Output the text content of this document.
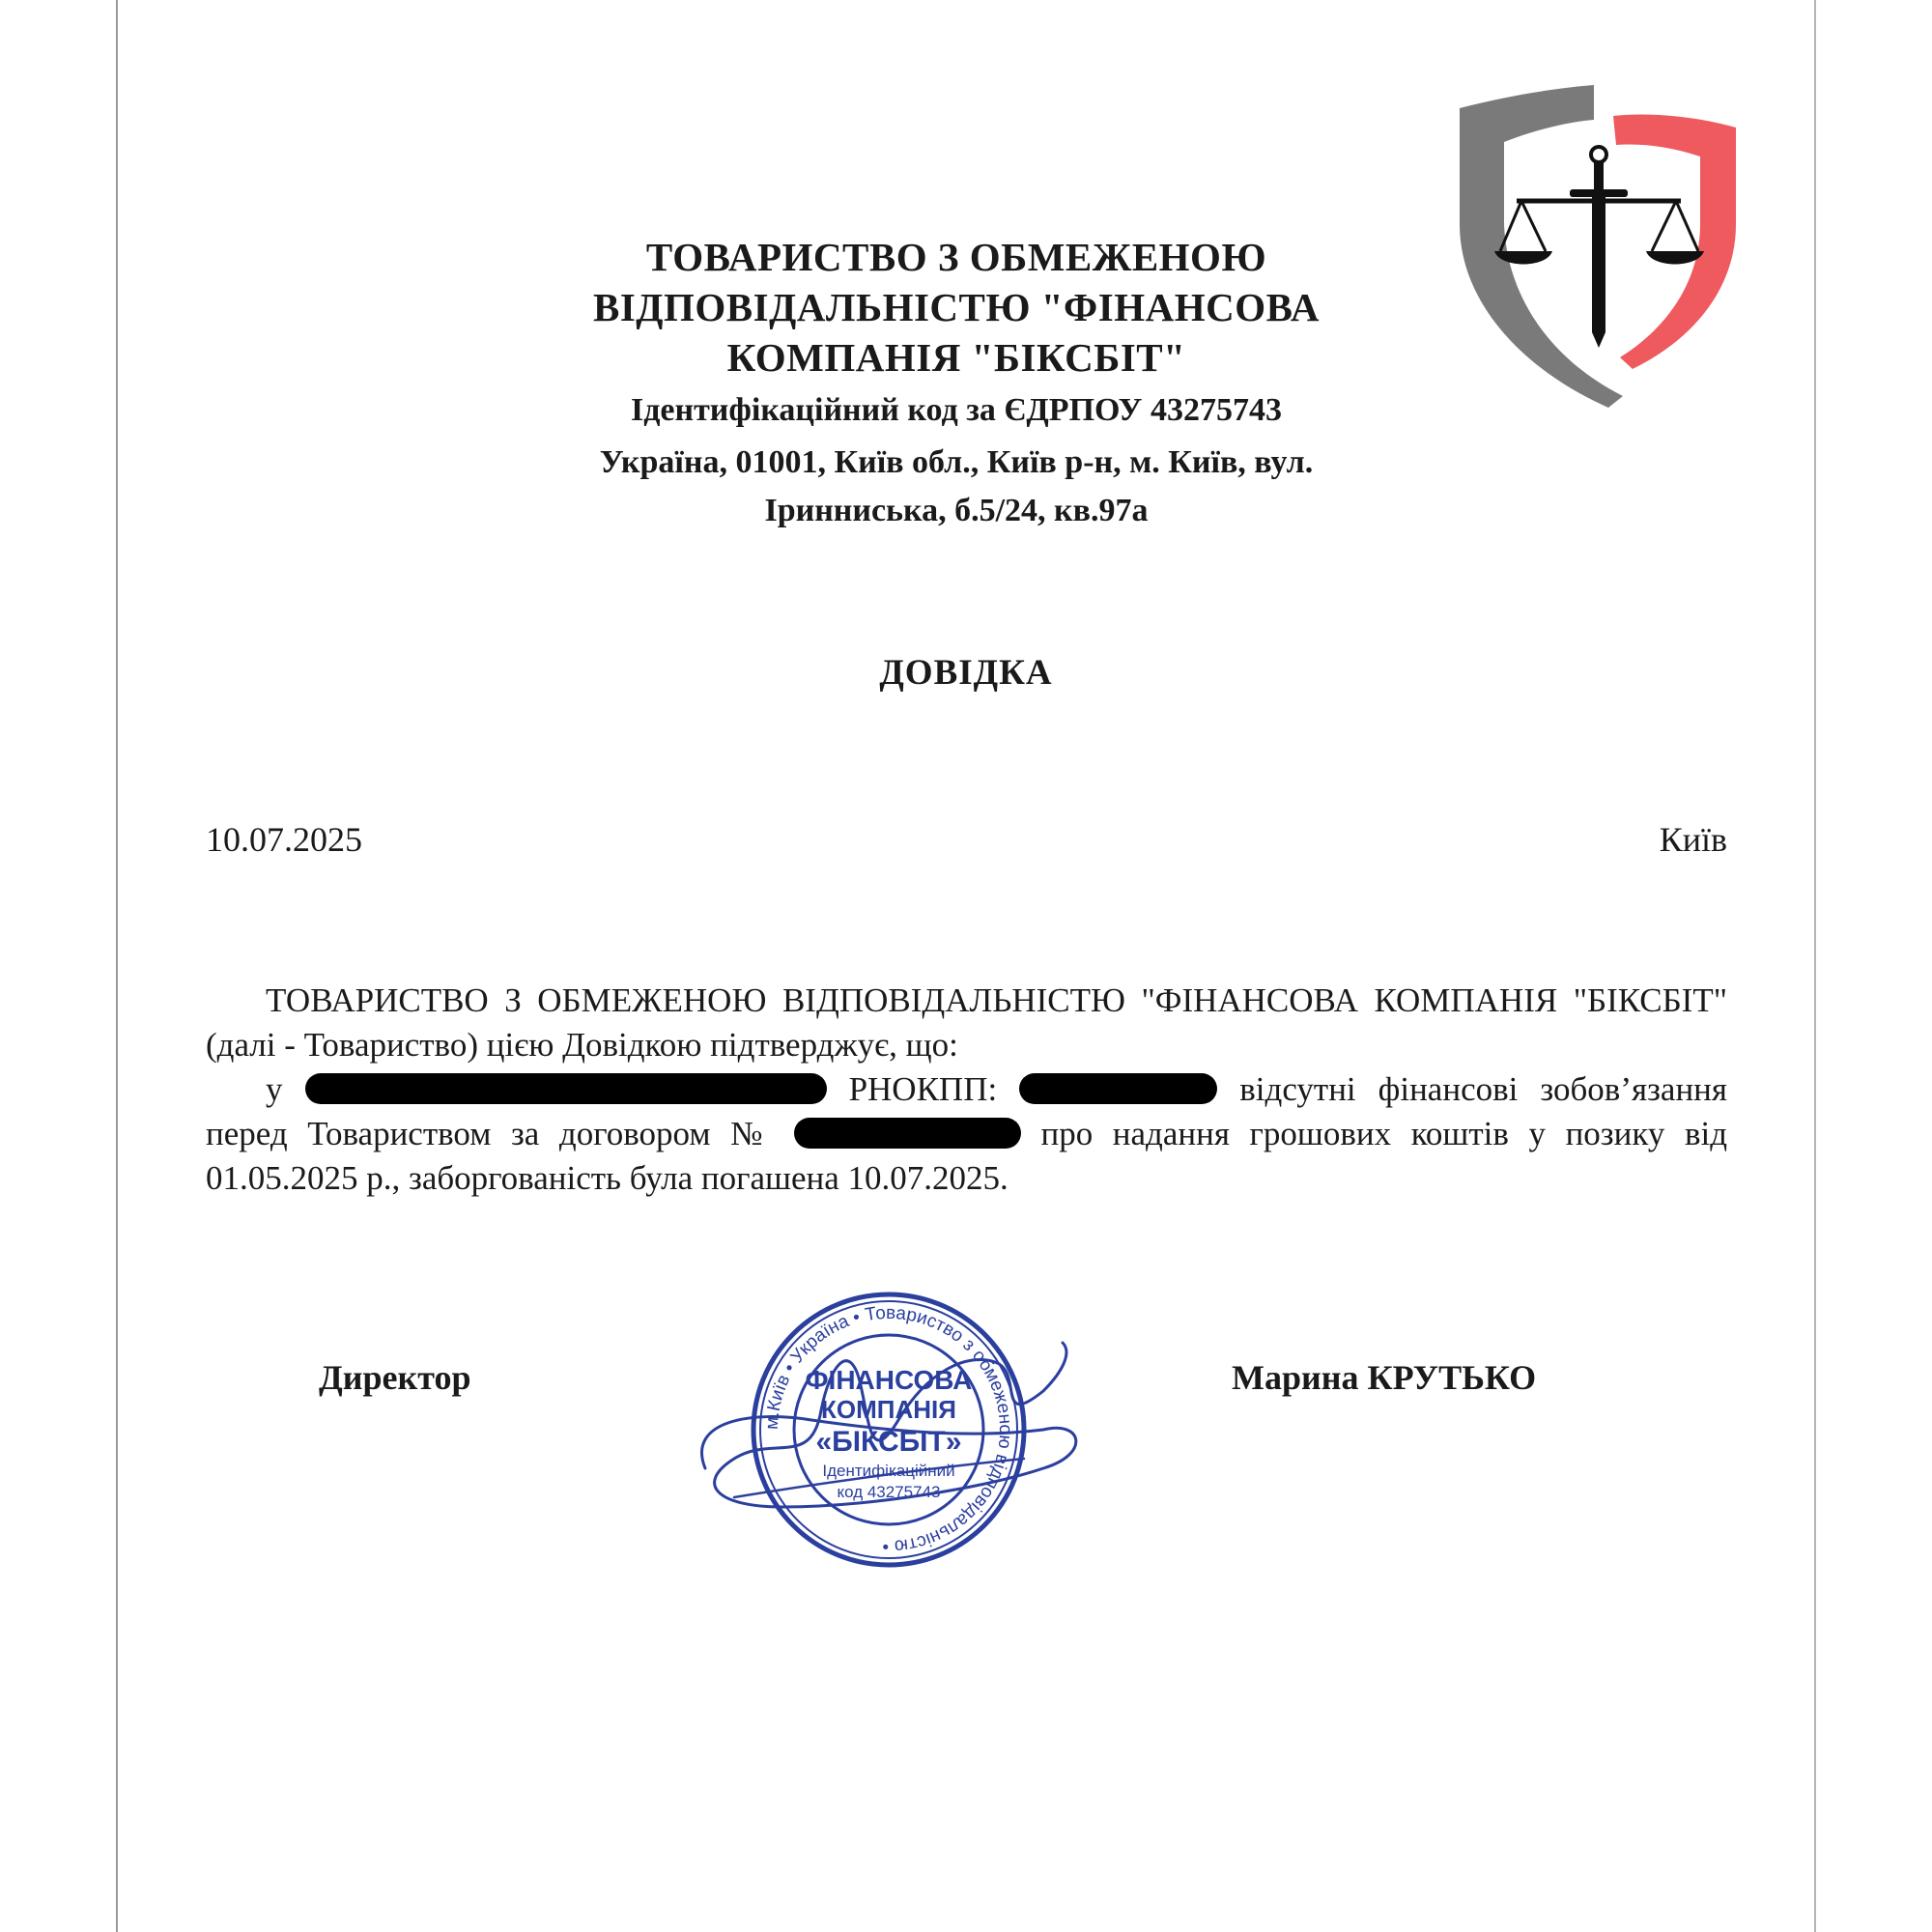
ТОВАРИСТВО З ОБМЕЖЕНОЮ
ВІДПОВІДАЛЬНІСТЮ "ФІНАНСОВА
КОМПАНІЯ "БІКСБІТ"
Ідентифікаційний код за ЄДРПОУ 43275743
Україна, 01001, Київ обл., Київ р-н, м. Київ, вул.
Іринниська, б.5/24, кв.97а
ДОВІДКА
10.07.2025	Київ

ТОВАРИСТВО З ОБМЕЖЕНОЮ ВІДПОВІДАЛЬНІСТЮ "ФІНАНСОВА КОМПАНІЯ "БІКСБІТ" (далі - Товариство) цією Довідкою підтверджує, що:

у	РНОКПП:	відсутні фінансові зобов’язання перед Товариством за договором №	про надання грошових коштів у позику від 01.05.2025 р., заборгованість була погашена 10.07.2025.

Директор	Марина КРУТЬКО
м.Київ • Україна • Товариство з обмеженою відповідальністю •
ФІНАНСОВА
КОМПАНІЯ
«БІКСБІТ»
Ідентифікаційний
код 43275743
